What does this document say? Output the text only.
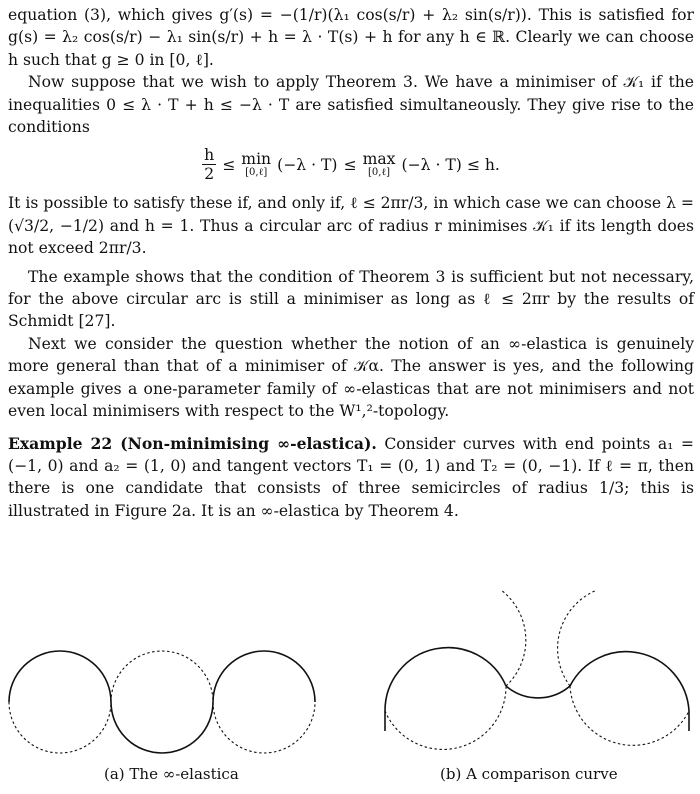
equation (3), which gives g′(s) = −(1/r)(λ₁ cos(s/r) + λ₂ sin(s/r)). This is satisfied for g(s) = λ₂ cos(s/r) − λ₁ sin(s/r) + h = λ · T(s) + h for any h ∈ ℝ. Clearly we can choose h such that g ≥ 0 in [0, ℓ].

Now suppose that we wish to apply Theorem 3. We have a minimiser of 𝒦₁ if the inequalities 0 ≤ λ · T + h ≤ −λ · T are satisfied simultaneously. They give rise to the conditions

$\frac{h}{2} \le \min$
[0,ℓ] (−λ · T) ≤ max
[0,ℓ] (−λ · T) ≤ h.

It is possible to satisfy these if, and only if, ℓ ≤ 2πr/3, in which case we can choose λ = (√3/2, −1/2) and h = 1. Thus a circular arc of radius r minimises 𝒦₁ if its length does not exceed 2πr/3.

The example shows that the condition of Theorem 3 is sufficient but not necessary, for the above circular arc is still a minimiser as long as ℓ ≤ 2πr by the results of Schmidt [27].

Next we consider the question whether the notion of an ∞-elastica is genuinely more general than that of a minimiser of 𝒦α. The answer is yes, and the following example gives a one-parameter family of ∞-elasticas that are not minimisers and not even local minimisers with respect to the W¹,²-topology.

Example 22 (Non-minimising ∞-elastica). Consider curves with end points a₁ = (−1, 0) and a₂ = (1, 0) and tangent vectors T₁ = (0, 1) and T₂ = (0, −1). If ℓ = π, then there is one candidate that consists of three semicircles of radius 1/3; this is illustrated in Figure 2a. It is an ∞-elastica by Theorem 4.

(a) The ∞-elastica	(b) A comparison curve
